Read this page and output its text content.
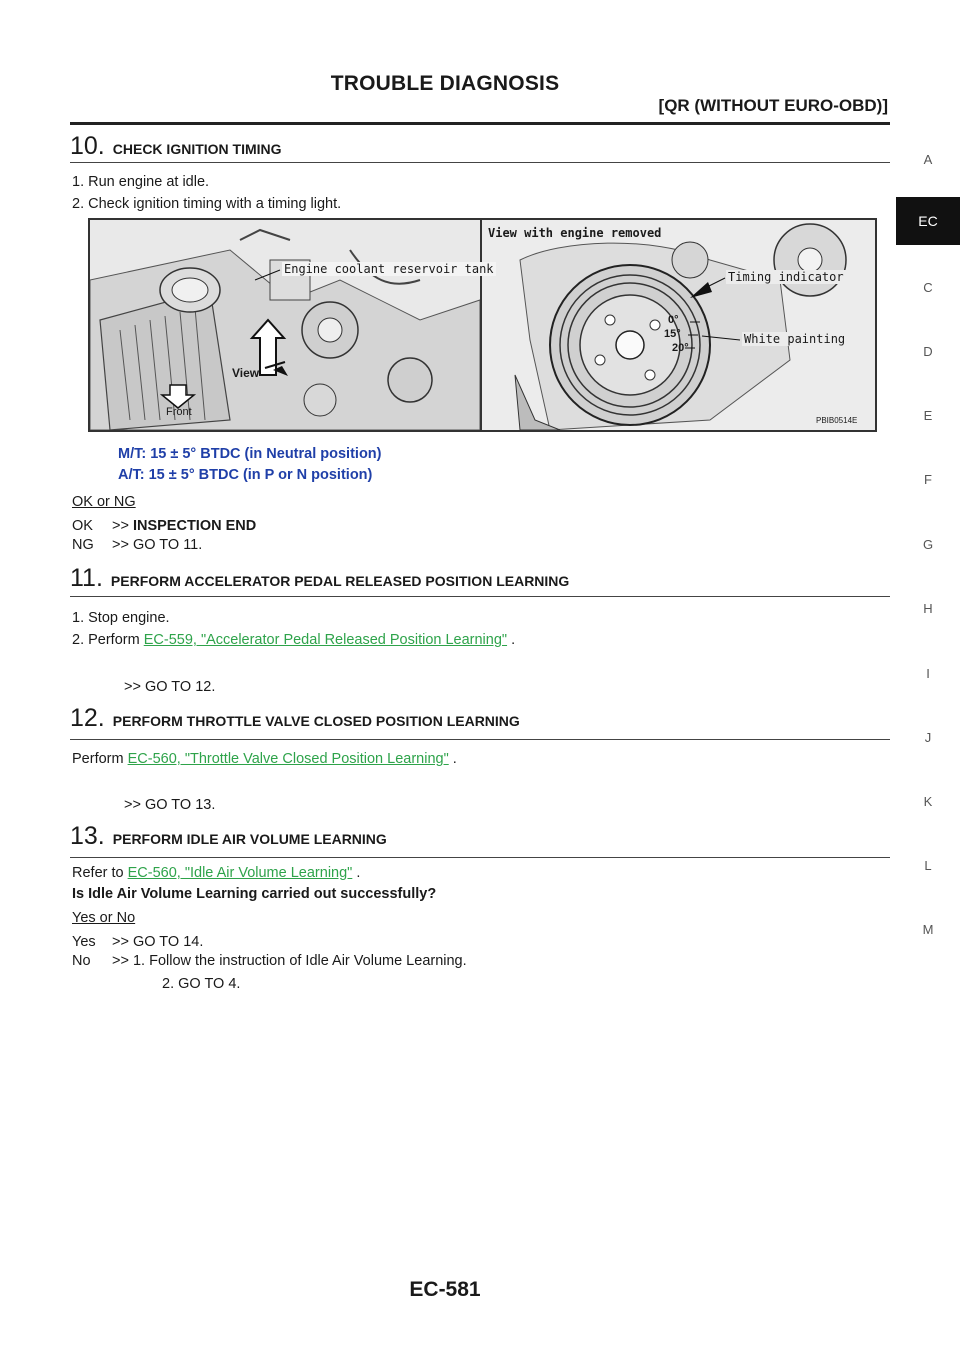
TROUBLE DIAGNOSIS
[QR (WITHOUT EURO-OBD)]
A
EC
C
D
E
F
G
H
I
J
K
L
M
10. CHECK IGNITION TIMING
1. Run engine at idle.
2. Check ignition timing with a timing light.
Engine coolant reservoir tank
View
Front
View with engine removed
Timing indicator
0°
15°
20°
White painting
PBIB0514E
M/T: 15 ± 5° BTDC (in Neutral position)
A/T: 15 ± 5° BTDC (in P or N position)
OK or NG
OK >> INSPECTION END
NG >> GO TO 11.
11. PERFORM ACCELERATOR PEDAL RELEASED POSITION LEARNING
1. Stop engine.
2. Perform EC-559, "Accelerator Pedal Released Position Learning" .
>> GO TO 12.
12. PERFORM THROTTLE VALVE CLOSED POSITION LEARNING
Perform EC-560, "Throttle Valve Closed Position Learning" .
>> GO TO 13.
13. PERFORM IDLE AIR VOLUME LEARNING
Refer to EC-560, "Idle Air Volume Learning" .
Is Idle Air Volume Learning carried out successfully?
Yes or No
Yes >> GO TO 14.
No >> 1. Follow the instruction of Idle Air Volume Learning.
2. GO TO 4.
EC-581
